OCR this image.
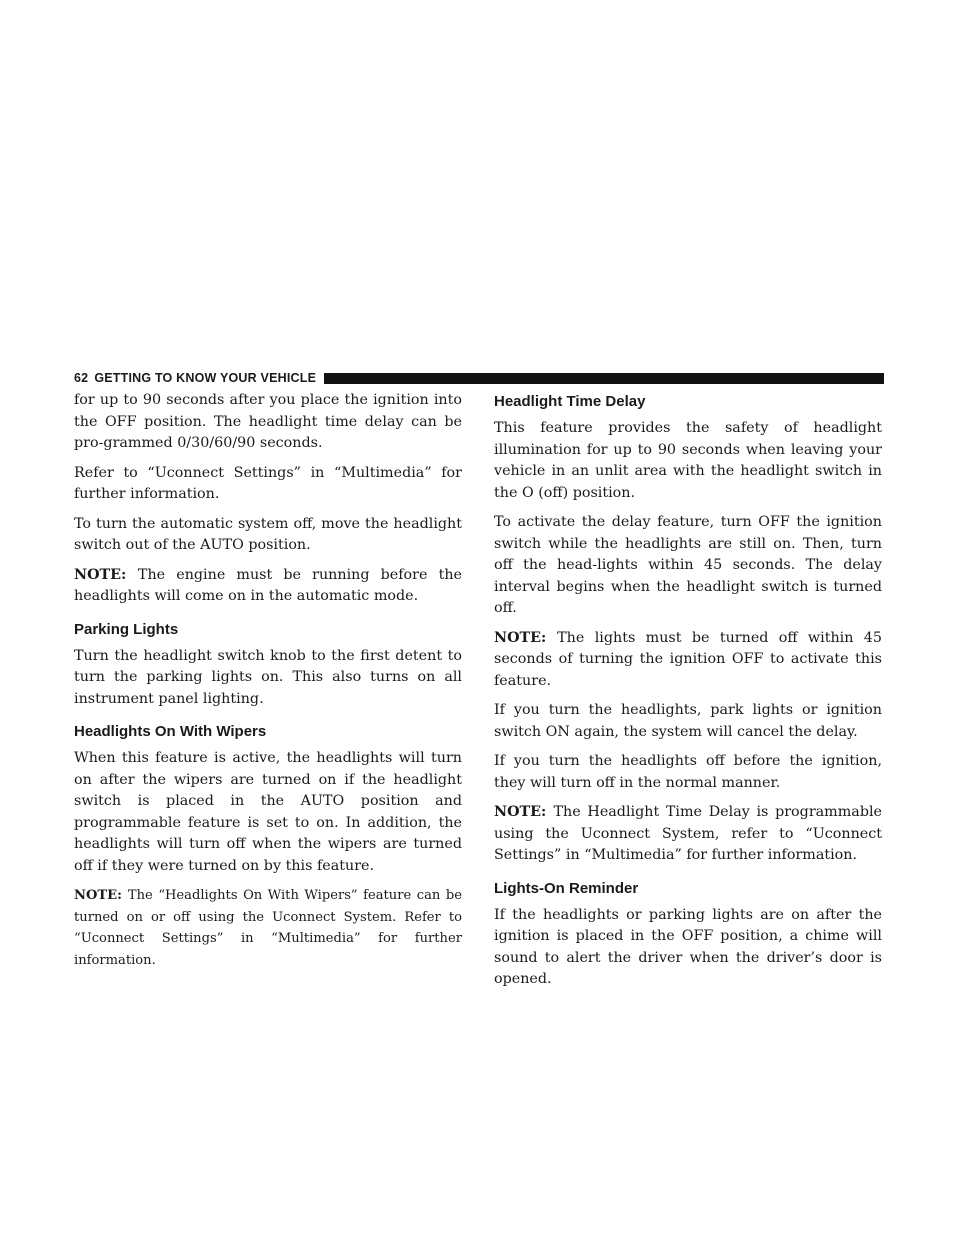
62 GETTING TO KNOW YOUR VEHICLE

for up to 90 seconds after you place the ignition into the OFF position. The headlight time delay can be pro-grammed 0/30/60/90 seconds.

Refer to “Uconnect Settings” in “Multimedia” for further information.

To turn the automatic system off, move the headlight switch out of the AUTO position.

NOTE: The engine must be running before the headlights will come on in the automatic mode.

Parking Lights

Turn the headlight switch knob to the first detent to turn the parking lights on. This also turns on all instrument panel lighting.

Headlights On With Wipers

When this feature is active, the headlights will turn on after the wipers are turned on if the headlight switch is placed in the AUTO position and programmable feature is set to on. In addition, the headlights will turn off when the wipers are turned off if they were turned on by this feature.

NOTE: The “Headlights On With Wipers” feature can be turned on or off using the Uconnect System. Refer to “Uconnect Settings” in “Multimedia” for further information.

Headlight Time Delay

This feature provides the safety of headlight illumination for up to 90 seconds when leaving your vehicle in an unlit area with the headlight switch in the O (off) position.

To activate the delay feature, turn OFF the ignition switch while the headlights are still on. Then, turn off the head-lights within 45 seconds. The delay interval begins when the headlight switch is turned off.

NOTE: The lights must be turned off within 45 seconds of turning the ignition OFF to activate this feature.

If you turn the headlights, park lights or ignition switch ON again, the system will cancel the delay.

If you turn the headlights off before the ignition, they will turn off in the normal manner.

NOTE: The Headlight Time Delay is programmable using the Uconnect System, refer to “Uconnect Settings” in “Multimedia” for further information.

Lights-On Reminder

If the headlights or parking lights are on after the ignition is placed in the OFF position, a chime will sound to alert the driver when the driver’s door is opened.
